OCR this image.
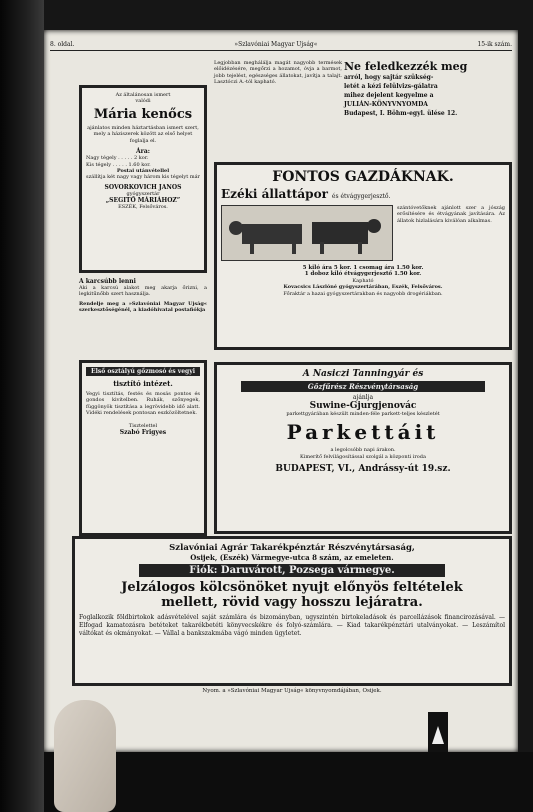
8. oldal.	»Szlavóniai Magyar Ujság«	15-ik szám.
Az általánosan ismert
valódi
Mária kenőcs
ajánlatos minden háztartásban ismert szert, mely a háziszerek között az első helyet foglalja el.
Ára:
Nagy tégely . . . . . 2 kor.
Kis tégely . . . . . 1.60 kor.
Postai utánvétellel
szállítja két nagy vagy három kis tégelyt már
SOVORKOVICH JANOS
gyógyszertár
„SEGITŐ MÁRIÁHOZ”
ESZÉK, Felsőváros.
Legjobban meghálálja magát nagyobb termések előidézésére, megőrzi a hozamot, óvja a barmot, jobb tejelést, egészséges állatokat, javítja a talajt. Lasztóczi A.-tól kapható.
Ne feledkezzék meg
arról, hogy sajtár szükség-
letét a kézi felülvizs-gálatra
mihez dejelent kegyelme a
JULIÁN-KÖNYVNYOMDA
Budapest, I. Böhm-egyl. ülése 12.
FONTOS GAZDÁKNAK.
Ezéki állattápor és étvágygerjesztő.
szántóvetőknek ajánlott szer a jószág erősítésére és étvágyának javítására. Az állatok hizlalására kiválóan alkalmas.
5 kiló ára 5 kor. 1 csomag ára 1.50 kor.
1 doboz kiló étvágygerjesztő 1.50 kor.
Kapható
Kovacsics Lászlóné gyógyszertárában, Eszék, Felsőváros.
Főraktár a hazai gyógyszertárakban és nagyobb drogériákban.
A karcsúbb lenni
Aki a karcsú alakot meg akarja őrizni, a legkitűnőbb szert használja.
Rendelje meg a »Szlavóniai Magyar Ujság« szerkesztőségénél, a kiadóhivatal postafiókja
Első osztályú gőzmosó és vegyi
tisztító intézet.
Vegyi tisztítás, festés és mosás pontos és gondos kivitelben. Ruhák, szőnyegek, függönyök tisztítása a legrövidebb idő alatt. Vidéki rendelések pontosan eszközöltetnek.
Tisztelettel
Szabó Frigyes
A Nasiczi Tanningyár és
Gőzfűrész Részvénytársaság
ajánlja
Suwine-Gjurgjenovác
parkettgyárában készült minden-féle parkett-teljes készletét
Parkettáit
a legolcsóbb napi árakon.
Kimerítő felvilágosítással szolgál a központi iroda
BUDAPEST, VI., Andrássy-út 19.sz.
Szlavóniai Agrár Takarékpénztár Részvénytársaság,
Osijek, (Eszék) Vármegye-utca 8 szám, az emeleten.
Fiók: Daruvárott, Pozsega vármegye.
Jelzálogos kölcsönöket nyujt előnyös feltételek
mellett, rövid vagy hosszu lejáratra.
Foglalkozik földbirtokok adásvételével saját számlára és bizományban, ugyszintén birtokeladások és parcellázások financirozásával. — Elfogad kamatozásra betéteket takarékbetéti könyvecskékre és folyó-számlára. — Kiad takarékpénztári utalványokat. — Leszámítol váltókat és okmányokat. — Vállal a bankszakmába vágó minden ügyletet.
Nyom. a »Szlavóniai Magyar Ujság« könyvnyomdájában, Osijek.
